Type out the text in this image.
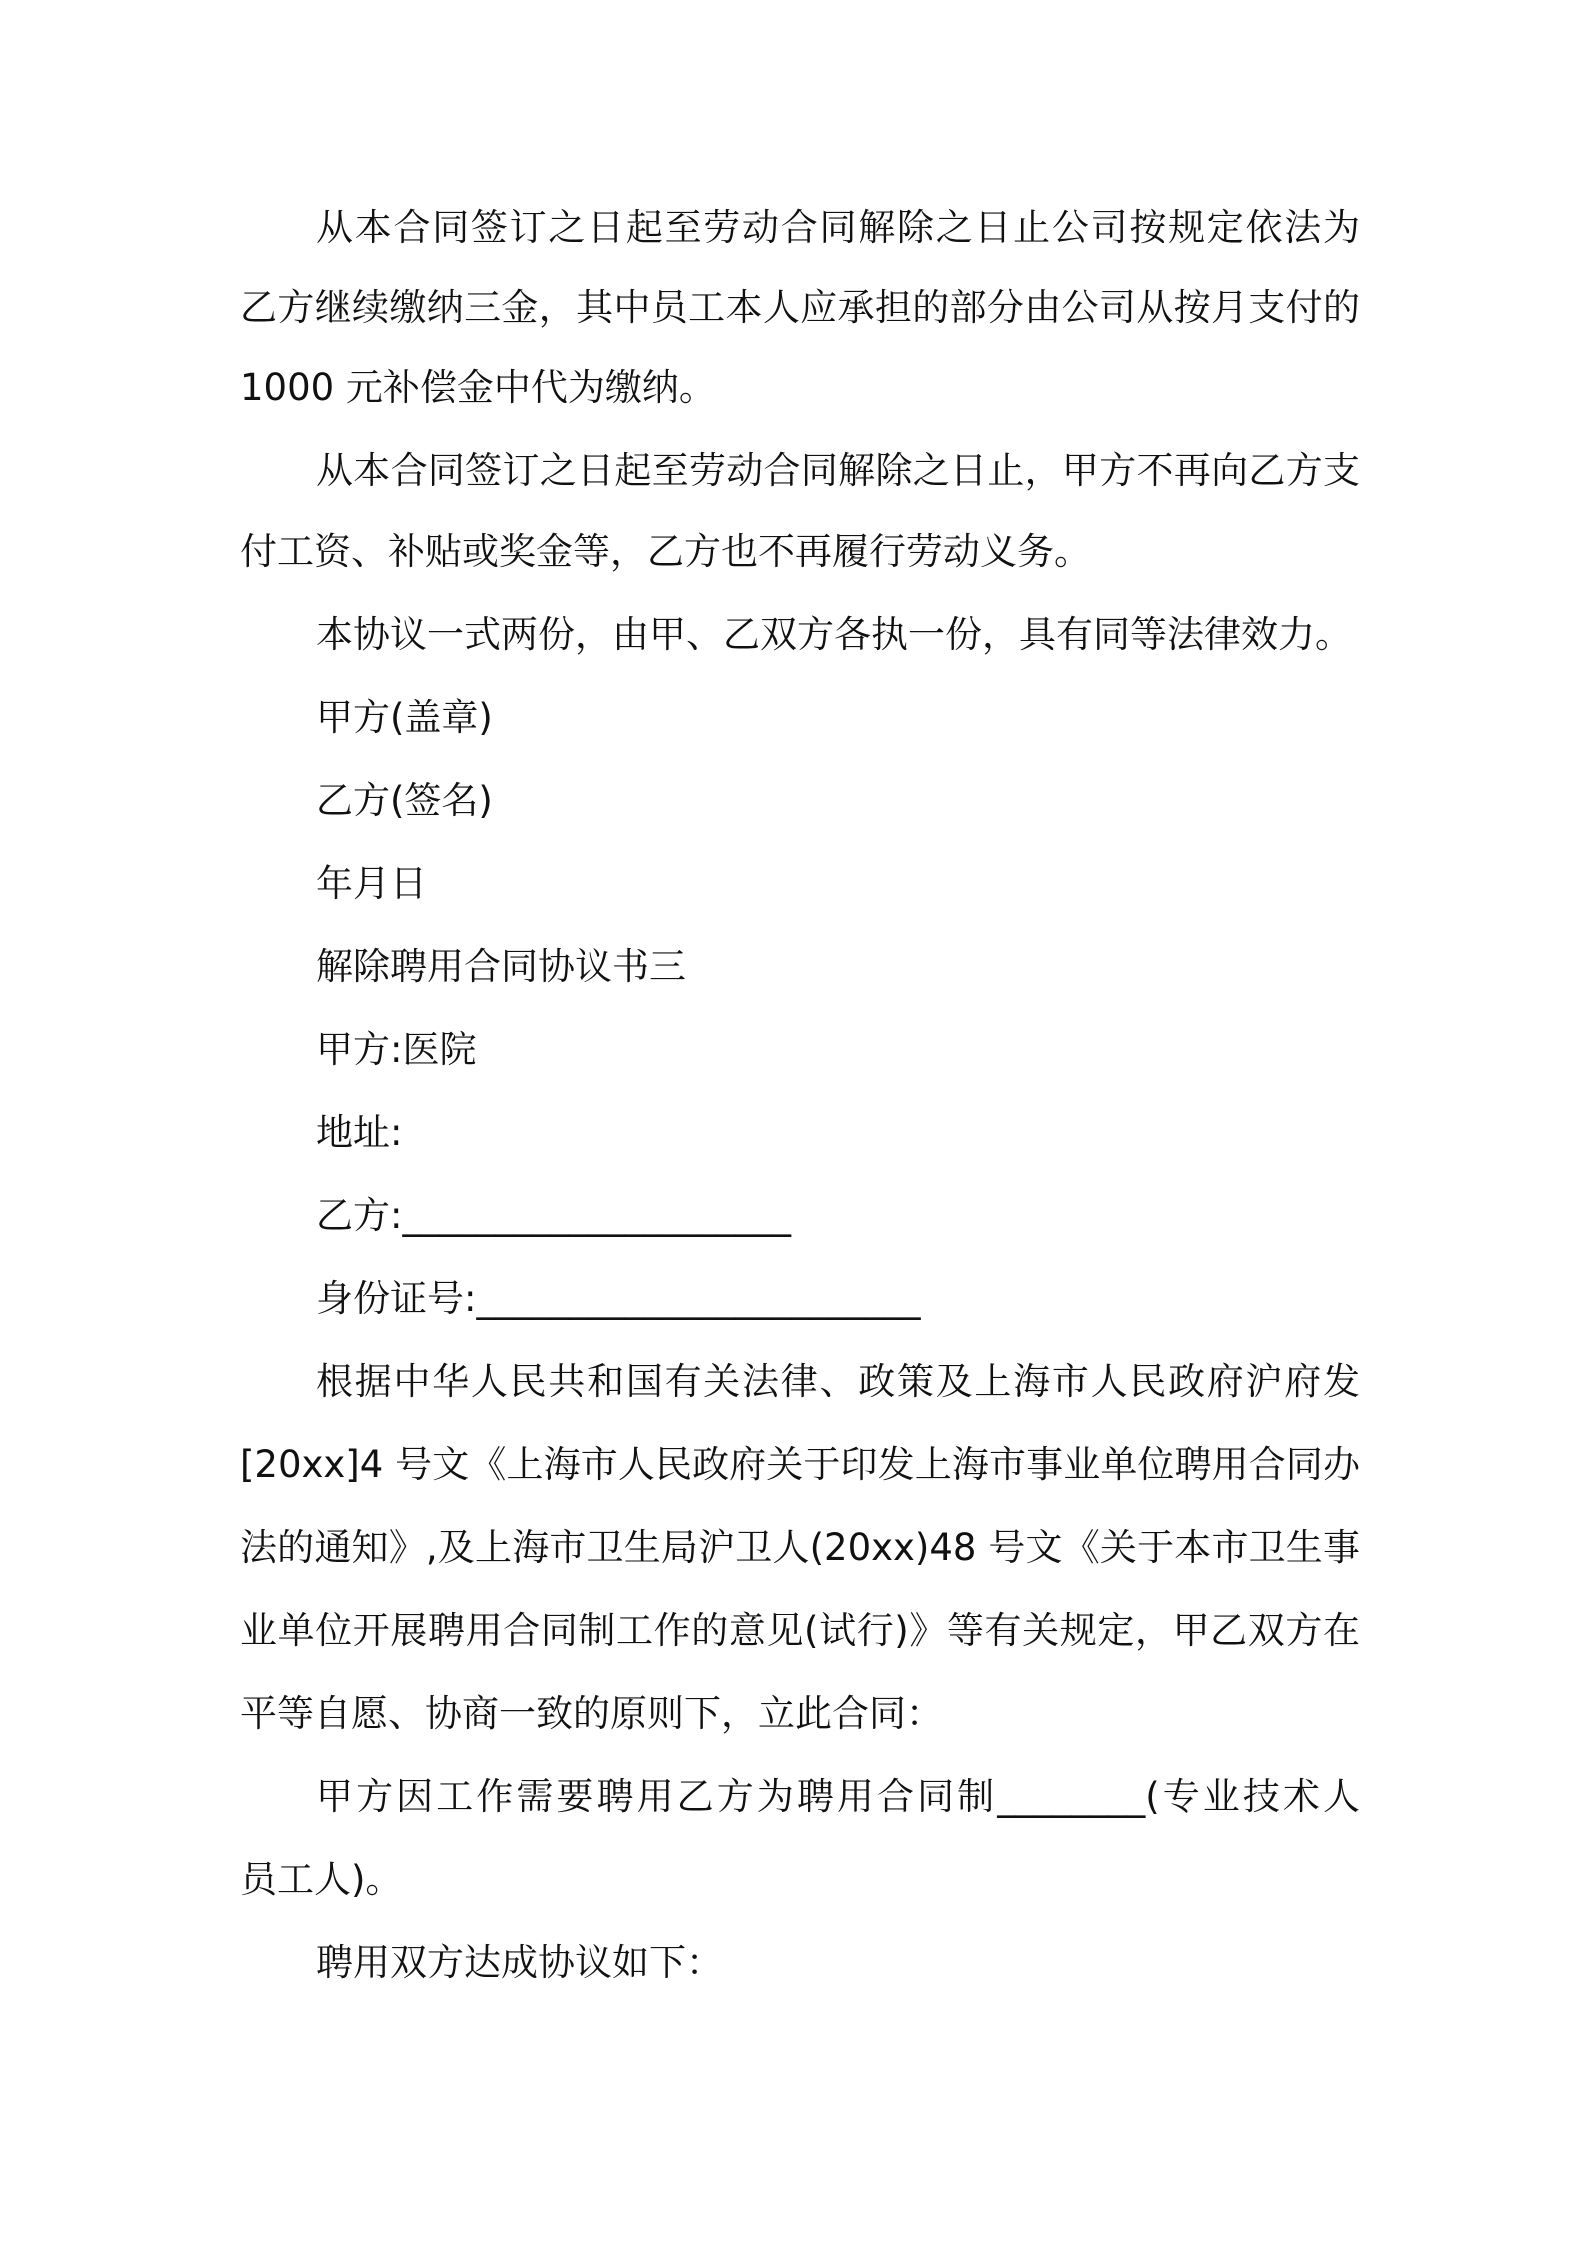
从本合同签订之日起至劳动合同解除之日止公司按规定依法为
乙方继续缴纳三金，其中员工本人应承担的部分由公司从按月支付的
1000 元补偿金中代为缴纳。
从本合同签订之日起至劳动合同解除之日止，甲方不再向乙方支
付工资、补贴或奖金等，乙方也不再履行劳动义务。
本协议一式两份，由甲、乙双方各执一份，具有同等法律效力。
甲方(盖章)
乙方(签名)
年月日
解除聘用合同协议书三
甲方:医院
地址:
乙方:_____________________
身份证号:________________________
根据中华人民共和国有关法律、政策及上海市人民政府沪府发
[20xx]4 号文《上海市人民政府关于印发上海市事业单位聘用合同办
法的通知》,及上海市卫生局沪卫人(20xx)48 号文《关于本市卫生事
业单位开展聘用合同制工作的意见(试行)》等有关规定，甲乙双方在
平等自愿、协商一致的原则下，立此合同：
甲方因工作需要聘用乙方为聘用合同制________(专业技术人
员工人)。
聘用双方达成协议如下：
